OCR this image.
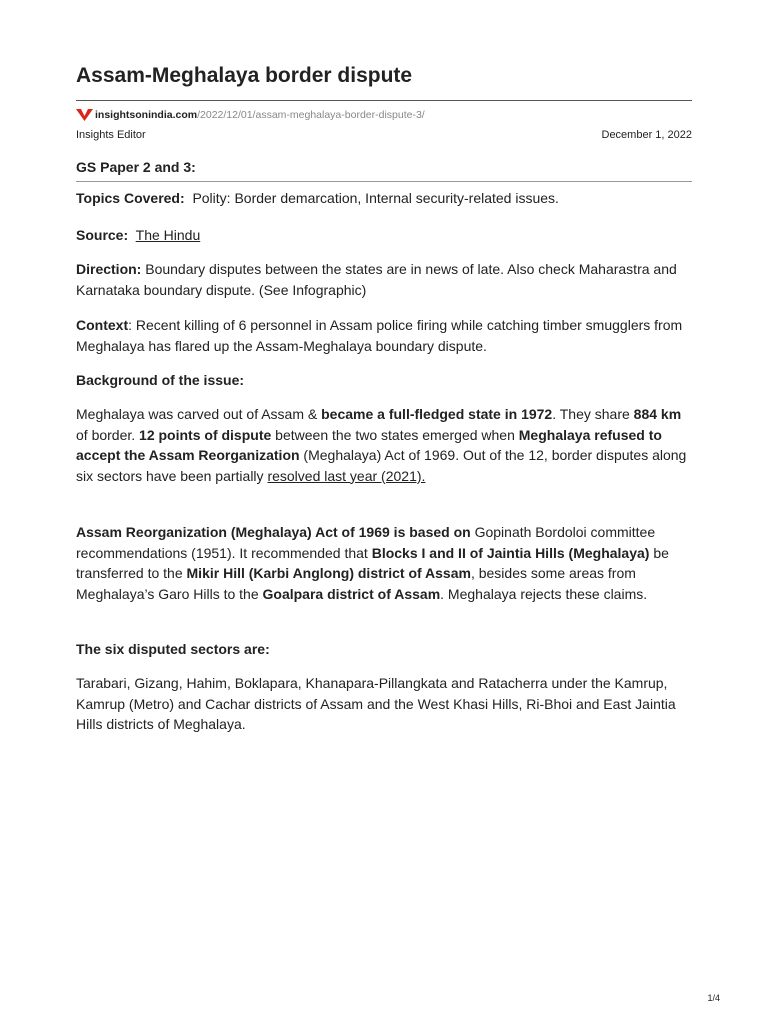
Assam-Meghalaya border dispute
insightsonindia.com /2022/12/01/assam-meghalaya-border-dispute-3/
Insights Editor	December 1, 2022
GS Paper 2 and 3:

Topics Covered: Polity: Border demarcation, Internal security-related issues.

Source: The Hindu

Direction: Boundary disputes between the states are in news of late. Also check Maharastra and Karnataka boundary dispute. (See Infographic)

Context: Recent killing of 6 personnel in Assam police firing while catching timber smugglers from Meghalaya has flared up the Assam-Meghalaya boundary dispute.

Background of the issue:

Meghalaya was carved out of Assam & became a full-fledged state in 1972. They share 884 km of border. 12 points of dispute between the two states emerged when Meghalaya refused to accept the Assam Reorganization (Meghalaya) Act of 1969. Out of the 12, border disputes along six sectors have been partially resolved last year (2021).

Assam Reorganization (Meghalaya) Act of 1969 is based on Gopinath Bordoloi committee recommendations (1951). It recommended that Blocks I and II of Jaintia Hills (Meghalaya) be transferred to the Mikir Hill (Karbi Anglong) district of Assam, besides some areas from Meghalaya’s Garo Hills to the Goalpara district of Assam. Meghalaya rejects these claims.

The six disputed sectors are:

Tarabari, Gizang, Hahim, Boklapara, Khanapara-Pillangkata and Ratacherra under the Kamrup, Kamrup (Metro) and Cachar districts of Assam and the West Khasi Hills, Ri-Bhoi and East Jaintia Hills districts of Meghalaya.

1/4
